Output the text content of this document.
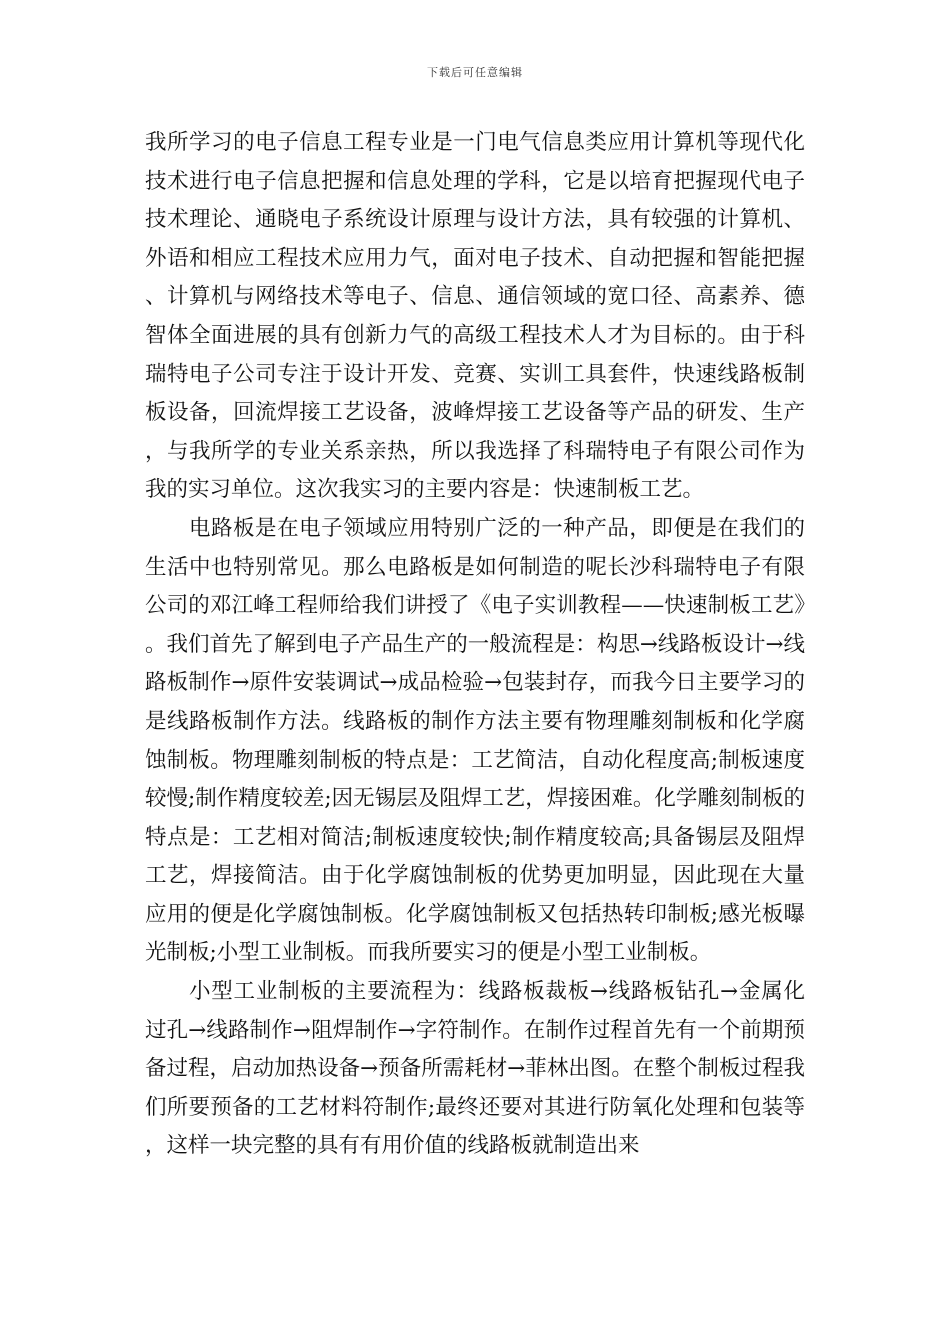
下载后可任意编辑

我所学习的电子信息工程专业是一门电气信息类应用计算机等现代化技术进行电子信息把握和信息处理的学科，它是以培育把握现代电子技术理论、通晓电子系统设计原理与设计方法，具有较强的计算机、外语和相应工程技术应用力气，面对电子技术、自动把握和智能把握、计算机与网络技术等电子、信息、通信领域的宽口径、高素养、德智体全面进展的具有创新力气的高级工程技术人才为目标的。由于科瑞特电子公司专注于设计开发、竞赛、实训工具套件，快速线路板制板设备，回流焊接工艺设备，波峰焊接工艺设备等产品的研发、生产，与我所学的专业关系亲热，所以我选择了科瑞特电子有限公司作为我的实习单位。这次我实习的主要内容是：快速制板工艺。

电路板是在电子领域应用特别广泛的一种产品，即便是在我们的生活中也特别常见。那么电路板是如何制造的呢长沙科瑞特电子有限公司的邓江峰工程师给我们讲授了《电子实训教程——快速制板工艺》。我们首先了解到电子产品生产的一般流程是：构思→线路板设计→线路板制作→原件安装调试→成品检验→包装封存，而我今日主要学习的是线路板制作方法。线路板的制作方法主要有物理雕刻制板和化学腐蚀制板。物理雕刻制板的特点是：工艺简洁，自动化程度高;制板速度较慢;制作精度较差;因无锡层及阻焊工艺，焊接困难。化学雕刻制板的特点是：工艺相对简洁;制板速度较快;制作精度较高;具备锡层及阻焊工艺，焊接简洁。由于化学腐蚀制板的优势更加明显，因此现在大量应用的便是化学腐蚀制板。化学腐蚀制板又包括热转印制板;感光板曝光制板;小型工业制板。而我所要实习的便是小型工业制板。

小型工业制板的主要流程为：线路板裁板→线路板钻孔→金属化过孔→线路制作→阻焊制作→字符制作。在制作过程首先有一个前期预备过程，启动加热设备→预备所需耗材→菲林出图。在整个制板过程我们所要预备的工艺材料符制作;最终还要对其进行防氧化处理和包装等，这样一块完整的具有有用价值的线路板就制造出来
